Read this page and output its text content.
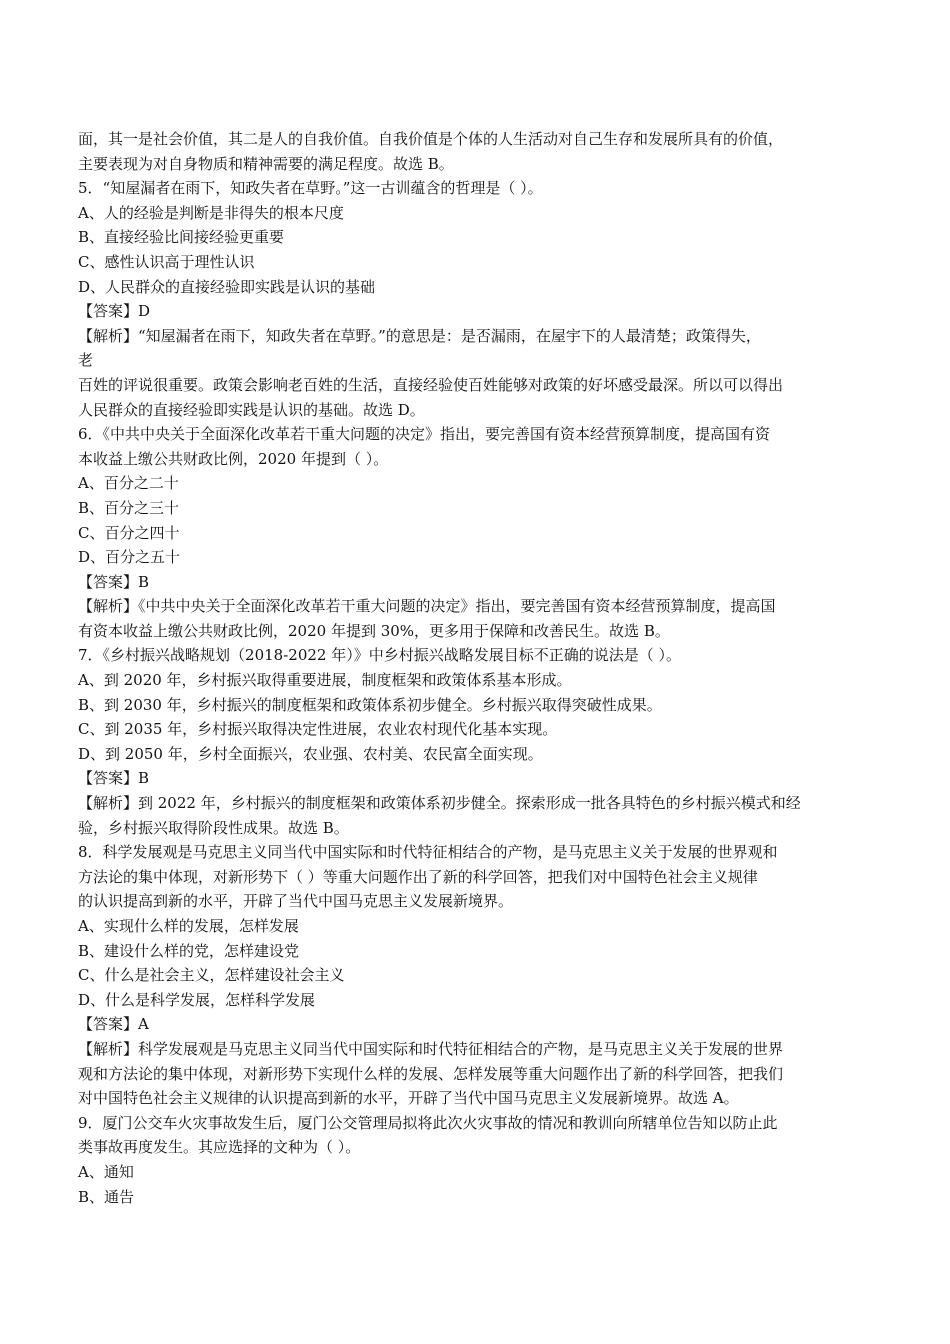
面，其一是社会价值，其二是人的自我价值。自我价值是个体的人生活动对自己生存和发展所具有的价值，
主要表现为对自身物质和精神需要的满足程度。故选 B。
5．“知屋漏者在雨下，知政失者在草野。”这一古训蕴含的哲理是（ ）。
A、人的经验是判断是非得失的根本尺度
B、直接经验比间接经验更重要
C、感性认识高于理性认识
D、人民群众的直接经验即实践是认识的基础
【答案】D
【解析】“知屋漏者在雨下，知政失者在草野。”的意思是：是否漏雨，在屋宇下的人最清楚；政策得失，
老
百姓的评说很重要。政策会影响老百姓的生活，直接经验使百姓能够对政策的好坏感受最深。所以可以得出
人民群众的直接经验即实践是认识的基础。故选 D。
6．《中共中央关于全面深化改革若干重大问题的决定》指出，要完善国有资本经营预算制度，提高国有资
本收益上缴公共财政比例，2020 年提到（ ）。
A、百分之二十
B、百分之三十
C、百分之四十
D、百分之五十
【答案】B
【解析】《中共中央关于全面深化改革若干重大问题的决定》指出，要完善国有资本经营预算制度，提高国
有资本收益上缴公共财政比例，2020 年提到 30%，更多用于保障和改善民生。故选 B。
7．《乡村振兴战略规划（2018-2022 年）》中乡村振兴战略发展目标不正确的说法是（ ）。
A、到 2020 年，乡村振兴取得重要进展，制度框架和政策体系基本形成。
B、到 2030 年，乡村振兴的制度框架和政策体系初步健全。乡村振兴取得突破性成果。
C、到 2035 年，乡村振兴取得决定性进展，农业农村现代化基本实现。
D、到 2050 年，乡村全面振兴，农业强、农村美、农民富全面实现。
【答案】B
【解析】到 2022 年，乡村振兴的制度框架和政策体系初步健全。探索形成一批各具特色的乡村振兴模式和经
验，乡村振兴取得阶段性成果。故选 B。
8．科学发展观是马克思主义同当代中国实际和时代特征相结合的产物，是马克思主义关于发展的世界观和
方法论的集中体现，对新形势下（ ）等重大问题作出了新的科学回答，把我们对中国特色社会主义规律
的认识提高到新的水平，开辟了当代中国马克思主义发展新境界。
A、实现什么样的发展，怎样发展
B、建设什么样的党，怎样建设党
C、什么是社会主义，怎样建设社会主义
D、什么是科学发展，怎样科学发展
【答案】A
【解析】科学发展观是马克思主义同当代中国实际和时代特征相结合的产物，是马克思主义关于发展的世界
观和方法论的集中体现，对新形势下实现什么样的发展、怎样发展等重大问题作出了新的科学回答，把我们
对中国特色社会主义规律的认识提高到新的水平，开辟了当代中国马克思主义发展新境界。故选 A。
9．厦门公交车火灾事故发生后，厦门公交管理局拟将此次火灾事故的情况和教训向所辖单位告知以防止此
类事故再度发生。其应选择的文种为（ ）。
A、通知
B、通告
